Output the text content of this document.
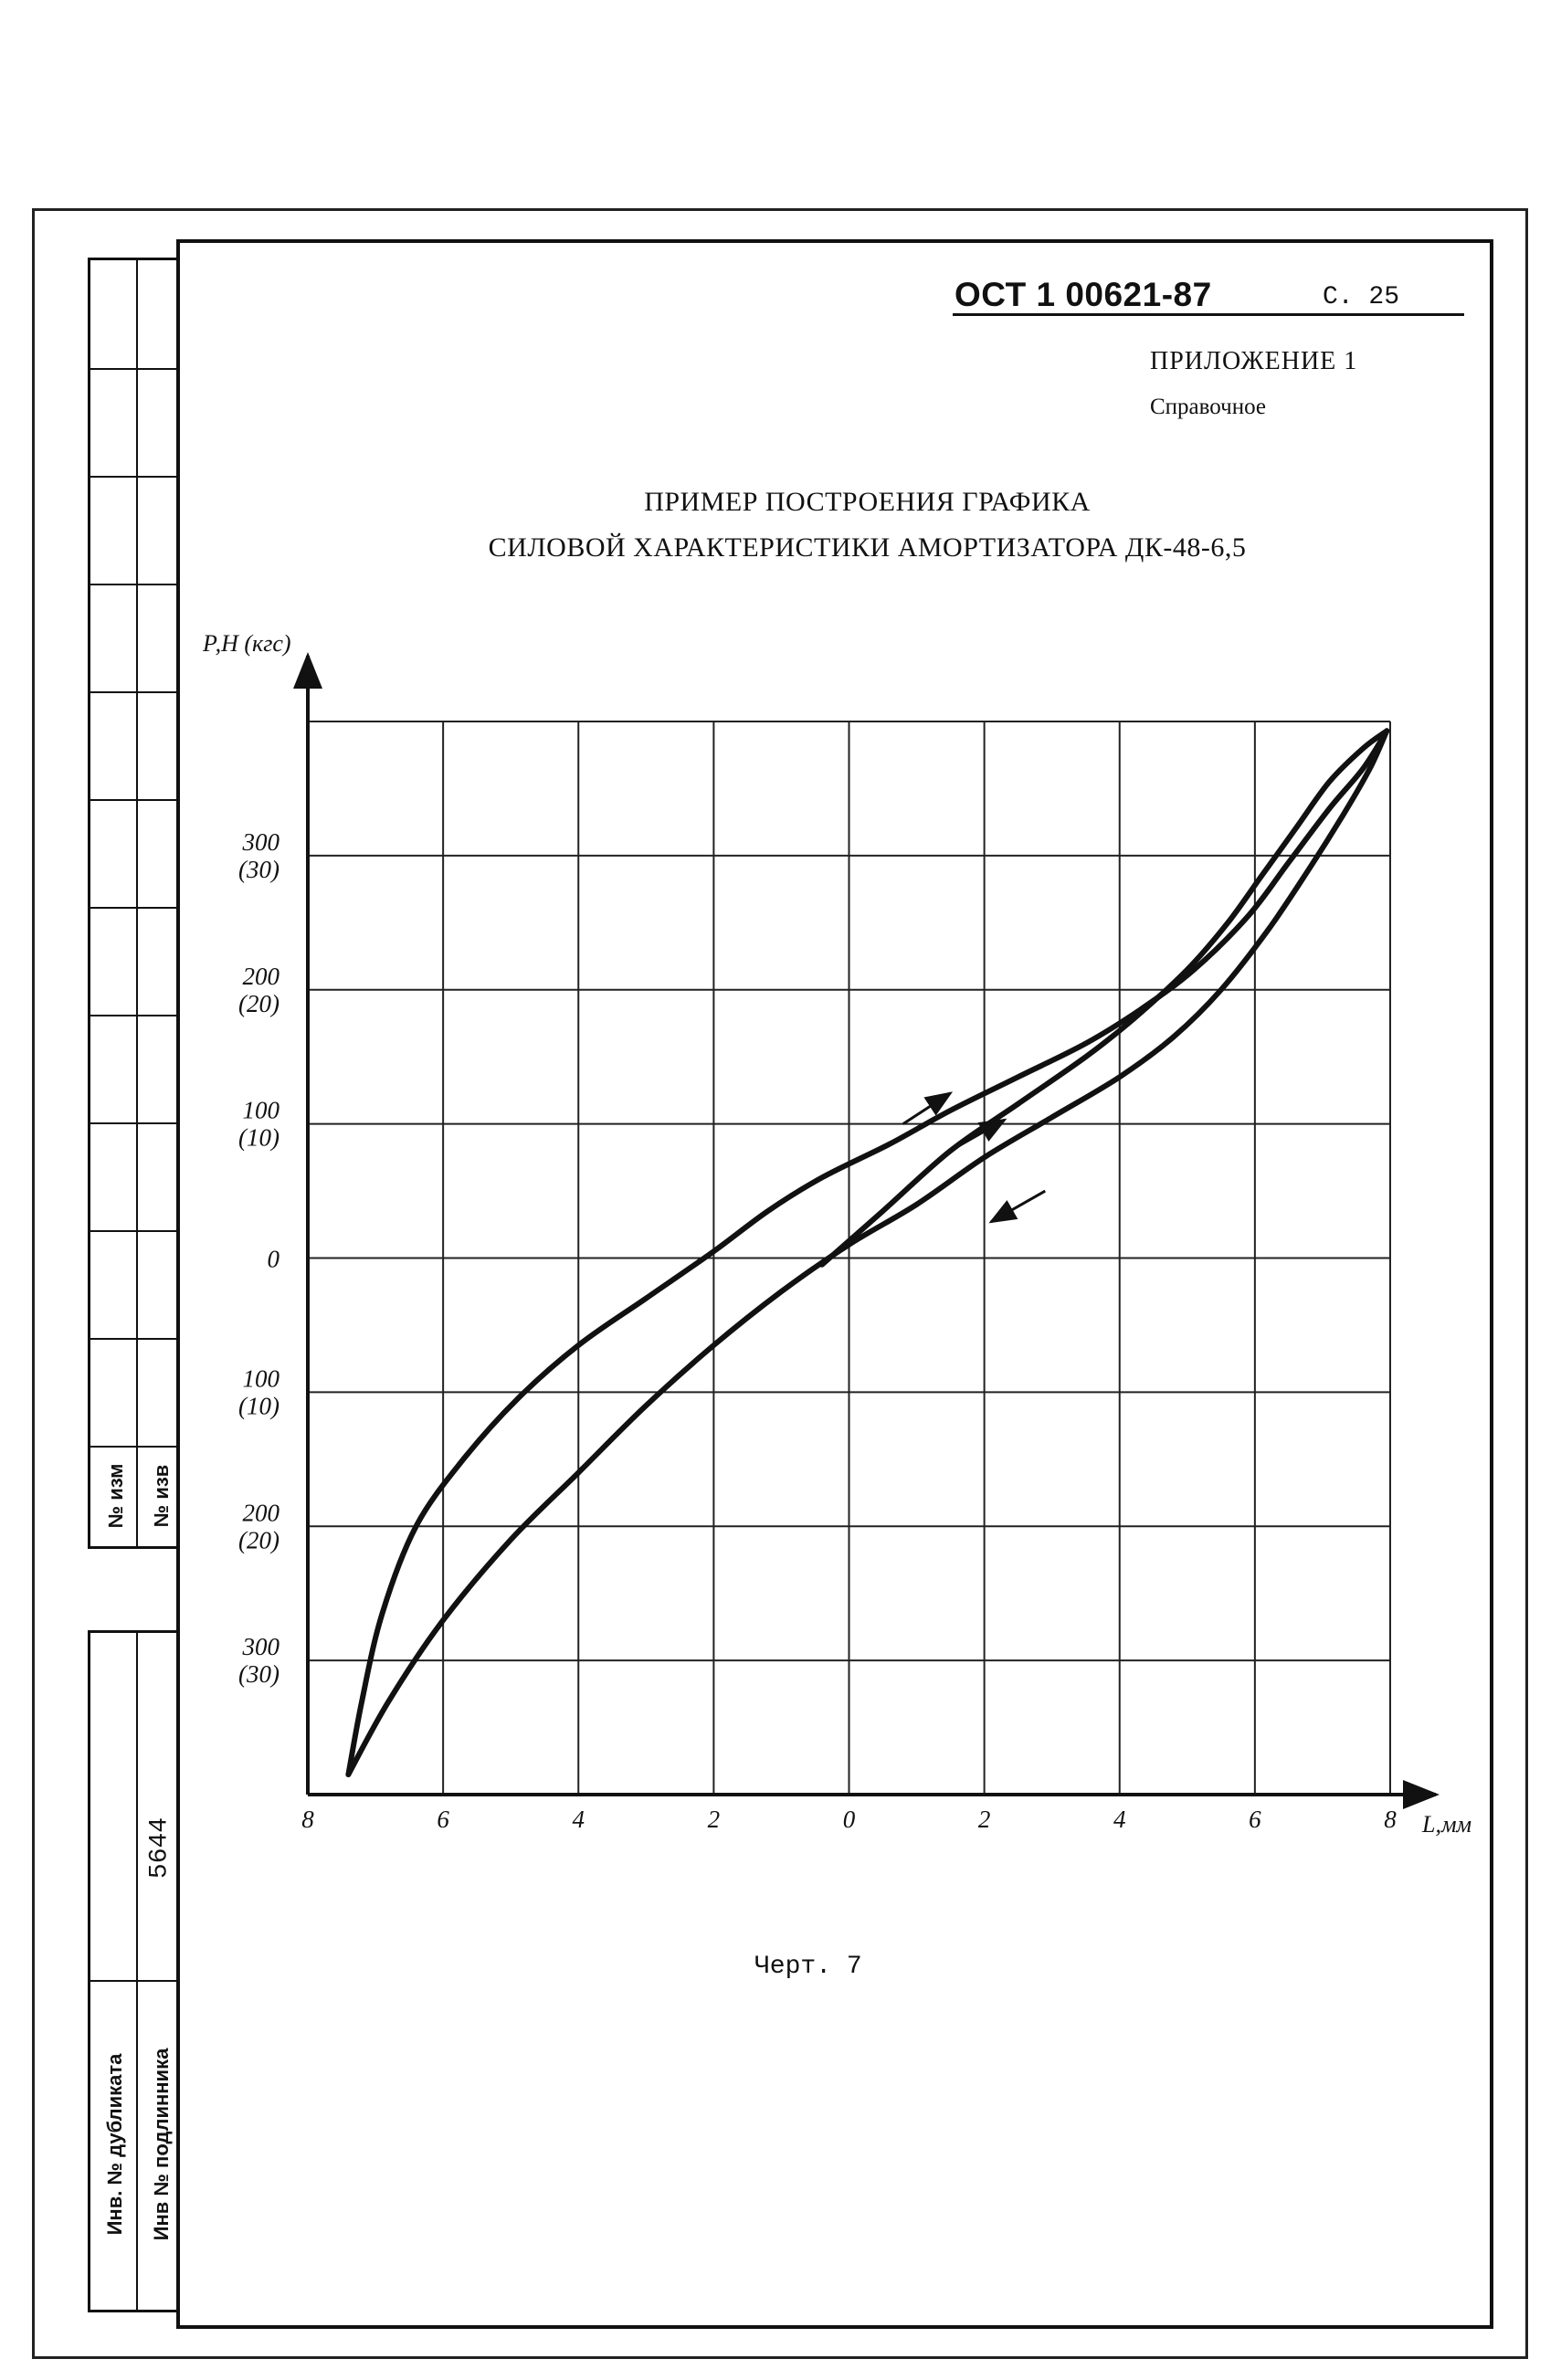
№ изм № изв
5644
Инв. № дубликата Инв № подлинника
ОСТ 1 00621-87	С. 25
ПРИЛОЖЕНИЕ 1
Справочное
ПРИМЕР ПОСТРОЕНИЯ ГРАФИКА
СИЛОВОЙ ХАРАКТЕРИСТИКИ АМОРТИЗАТОРА ДК-48-6,5
8	6	4	2	0	2	4	6	8
300
(30)
200
(20)
100
(10)
0
100
(10)
200
(20)
300
(30)
Р,Н (кгс)
L,мм
Черт. 7
